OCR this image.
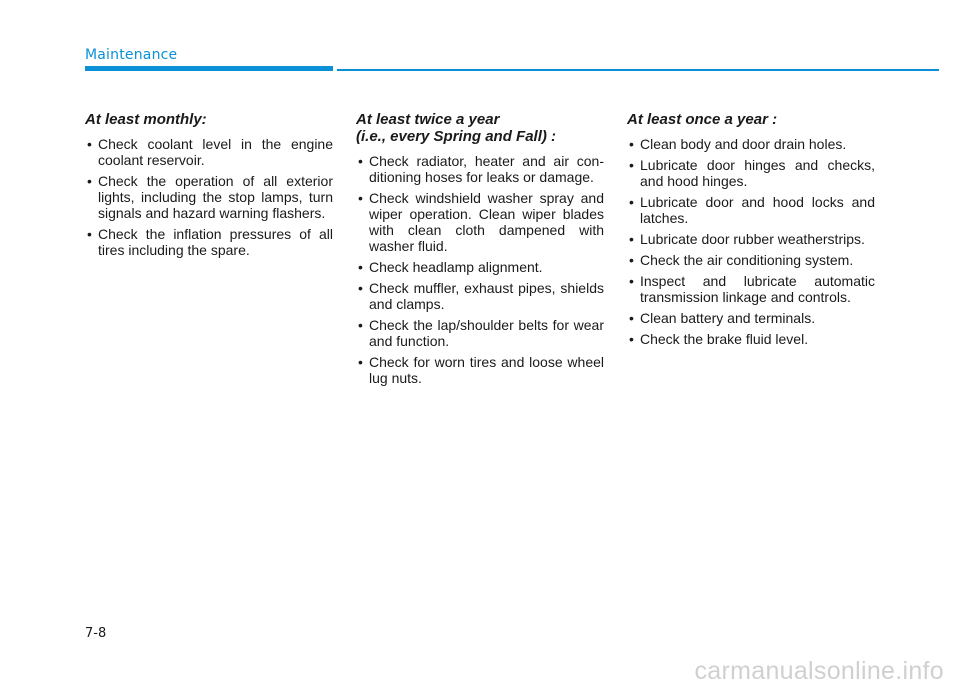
Maintenance
At least monthly:
• Check coolant level in the engine coolant reservoir.
• Check the operation of all exterior lights, including the stop lamps, turn signals and hazard warning flashers.
• Check the inflation pressures of all tires including the spare.
At least twice a year
(i.e., every Spring and Fall) :
• Check radiator, heater and air conditioning hoses for leaks or damage.
• Check windshield washer spray and wiper operation. Clean wiper blades with clean cloth dampened with washer fluid.
• Check headlamp alignment.
• Check muffler, exhaust pipes, shields and clamps.
• Check the lap/shoulder belts for wear and function.
• Check for worn tires and loose wheel lug nuts.
At least once a year :
• Clean body and door drain holes.
• Lubricate door hinges and checks, and hood hinges.
• Lubricate door and hood locks and latches.
• Lubricate door rubber weatherstrips.
• Check the air conditioning system.
• Inspect and lubricate automatic transmission linkage and controls.
• Clean battery and terminals.
• Check the brake fluid level.
7-8
carmanualsonline.info
